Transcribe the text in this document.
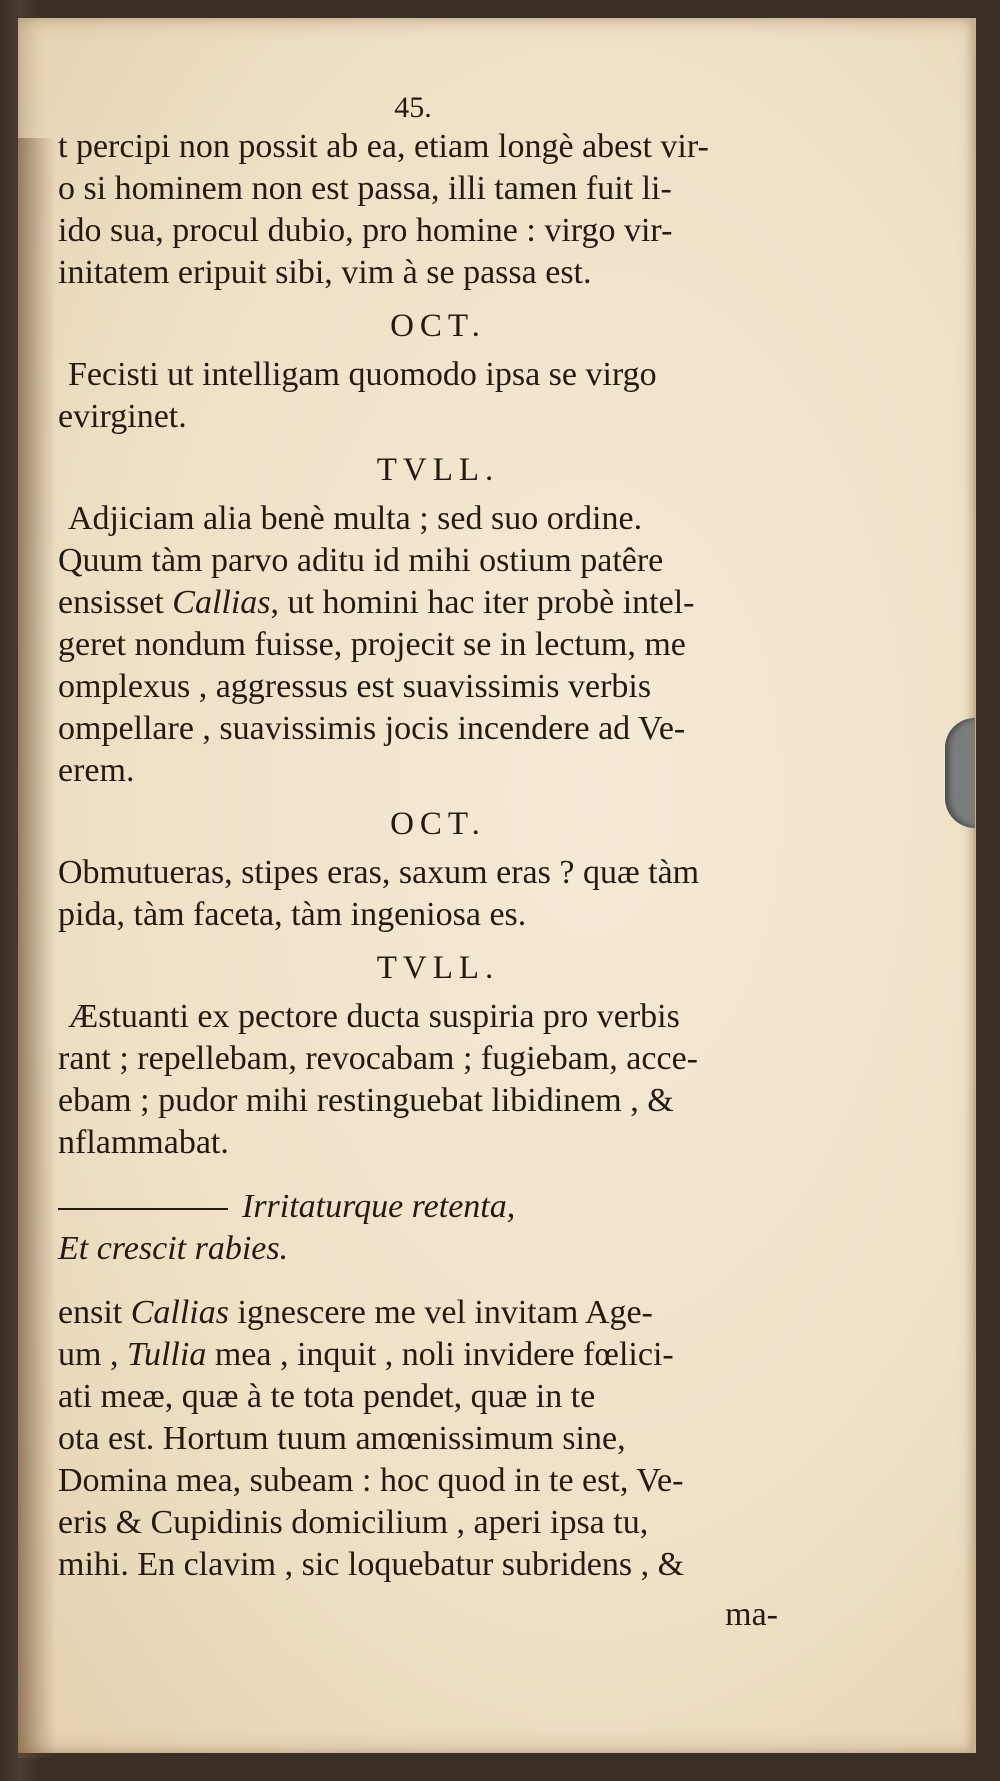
45.
t percipi non possit ab ea, etiam longè abest vir-
o si hominem non est passa, illi tamen fuit li-
ido sua, procul dubio, pro homine : virgo vir-
initatem eripuit sibi, vim à se passa est.
OCT.
Fecisti ut intelligam quomodo ipsa se virgo
evirginet.
TVLL.
Adjiciam alia benè multa ; sed suo ordine.
Quum tàm parvo aditu id mihi ostium patêre
ensisset Callias, ut homini hac iter probè intel-
geret nondum fuisse, projecit se in lectum, me
omplexus , aggressus est suavissimis verbis
ompellare , suavissimis jocis incendere ad Ve-
erem.
OCT.
Obmutueras, stipes eras, saxum eras ? quæ tàm
pida, tàm faceta, tàm ingeniosa es.
TVLL.
Æstuanti ex pectore ducta suspiria pro verbis
rant ; repellebam, revocabam ; fugiebam, acce-
ebam ; pudor mihi restinguebat libidinem , &
nflammabat.
Irritaturque retenta,
Et crescit rabies.
ensit Callias ignescere me vel invitam Age-
um , Tullia mea , inquit , noli invidere fœlici-
ati meæ, quæ à te tota pendet, quæ in te
ota est. Hortum tuum amœnissimum sine,
Domina mea, subeam : hoc quod in te est, Ve-
eris & Cupidinis domicilium , aperi ipsa tu,
mihi. En clavim , sic loquebatur subridens , &
ma-
